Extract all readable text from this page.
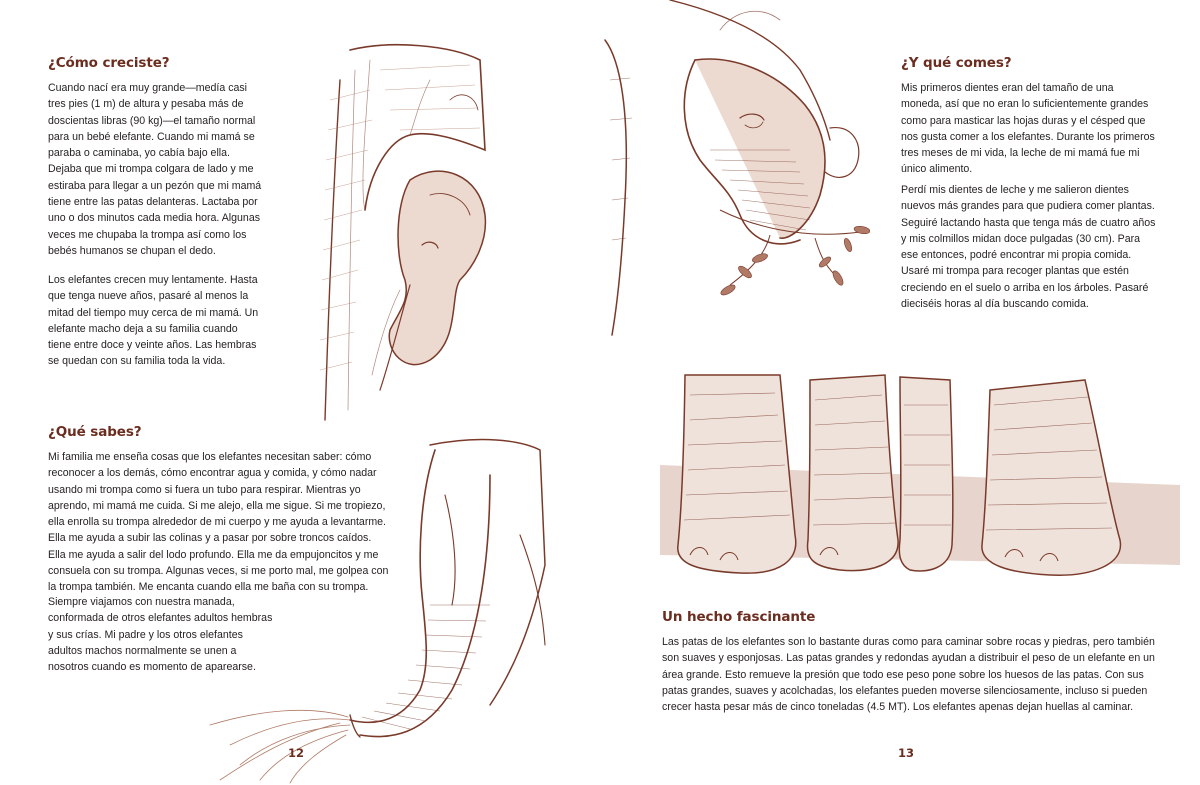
¿Cómo creciste?

Cuando nací era muy grande—medía casi tres pies (1 m) de altura y pesaba más de doscientas libras (90 kg)—el tamaño normal para un bebé elefante. Cuando mi mamá se paraba o caminaba, yo cabía bajo ella. Dejaba que mi trompa colgara de lado y me estiraba para llegar a un pezón que mi mamá tiene entre las patas delanteras. Lactaba por uno o dos minutos cada media hora. Algunas veces me chupaba la trompa así como los bebés humanos se chupan el dedo.

Los elefantes crecen muy lentamente. Hasta que tenga nueve años, pasaré al menos la mitad del tiempo muy cerca de mi mamá. Un elefante macho deja a su familia cuando tiene entre doce y veinte años. Las hembras se quedan con su familia toda la vida.

¿Qué sabes?

Mi familia me enseña cosas que los elefantes necesitan saber: cómo reconocer a los demás, cómo encontrar agua y comida, y cómo nadar usando mi trompa como si fuera un tubo para respirar. Mientras yo aprendo, mi mamá me cuida. Si me alejo, ella me sigue. Si me tropiezo, ella enrolla su trompa alrededor de mi cuerpo y me ayuda a levantarme. Ella me ayuda a subir las colinas y a pasar por sobre troncos caídos. Ella me ayuda a salir del lodo profundo. Ella me da empujoncitos y me consuela con su trompa. Algunas veces, si me porto mal, me golpea con la trompa también. Me encanta cuando ella me baña con su trompa.

Siempre viajamos con nuestra manada, conformada de otros elefantes adultos hembras y sus crías. Mi padre y los otros elefantes adultos machos normalmente se unen a nosotros cuando es momento de aparearse.

12
¿Y qué comes?

Mis primeros dientes eran del tamaño de una moneda, así que no eran lo suficientemente grandes como para masticar las hojas duras y el césped que nos gusta comer a los elefantes. Durante los primeros tres meses de mi vida, la leche de mi mamá fue mi único alimento.

Perdí mis dientes de leche y me salieron dientes nuevos más grandes para que pudiera comer plantas. Seguiré lactando hasta que tenga más de cuatro años y mis colmillos midan doce pulgadas (30 cm). Para ese entonces, podré encontrar mi propia comida. Usaré mi trompa para recoger plantas que estén creciendo en el suelo o arriba en los árboles. Pasaré dieciséis horas al día buscando comida.

Un hecho fascinante

Las patas de los elefantes son lo bastante duras como para caminar sobre rocas y piedras, pero también son suaves y esponjosas. Las patas grandes y redondas ayudan a distribuir el peso de un elefante en un área grande. Esto remueve la presión que todo ese peso pone sobre los huesos de las patas. Con sus patas grandes, suaves y acolchadas, los elefantes pueden moverse silenciosamente, incluso si pueden crecer hasta pesar más de cinco toneladas (4.5 MT). Los elefantes apenas dejan huellas al caminar.

13
